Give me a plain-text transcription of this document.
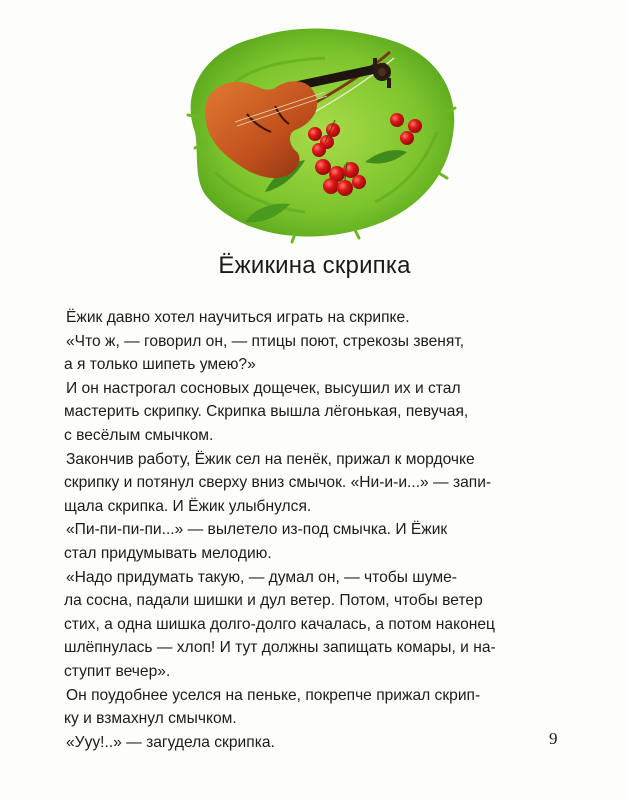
Ёжикина скрипка
Ёжик давно хотел научиться играть на скрипке.
«Что ж, — говорил он, — птицы поют, стрекозы звенят,
а я только шипеть умею?»
И он настрогал сосновых дощечек, высушил их и стал
мастерить скрипку. Скрипка вышла лёгонькая, певучая,
с весёлым смычком.
Закончив работу, Ёжик сел на пенёк, прижал к мордочке
скрипку и потянул сверху вниз смычок. «Ни-и-и...» — запи-
щала скрипка. И Ёжик улыбнулся.
«Пи-пи-пи-пи...» — вылетело из-под смычка. И Ёжик
стал придумывать мелодию.
«Надо придумать такую, — думал он, — чтобы шуме-
ла сосна, падали шишки и дул ветер. Потом, чтобы ветер
стих, а одна шишка долго-долго качалась, а потом наконец
шлёпнулась — хлоп! И тут должны запищать комары, и на-
ступит вечер».
Он поудобнее уселся на пеньке, покрепче прижал скрип-
ку и взмахнул смычком.
«Ууу!..» — загудела скрипка.	9
